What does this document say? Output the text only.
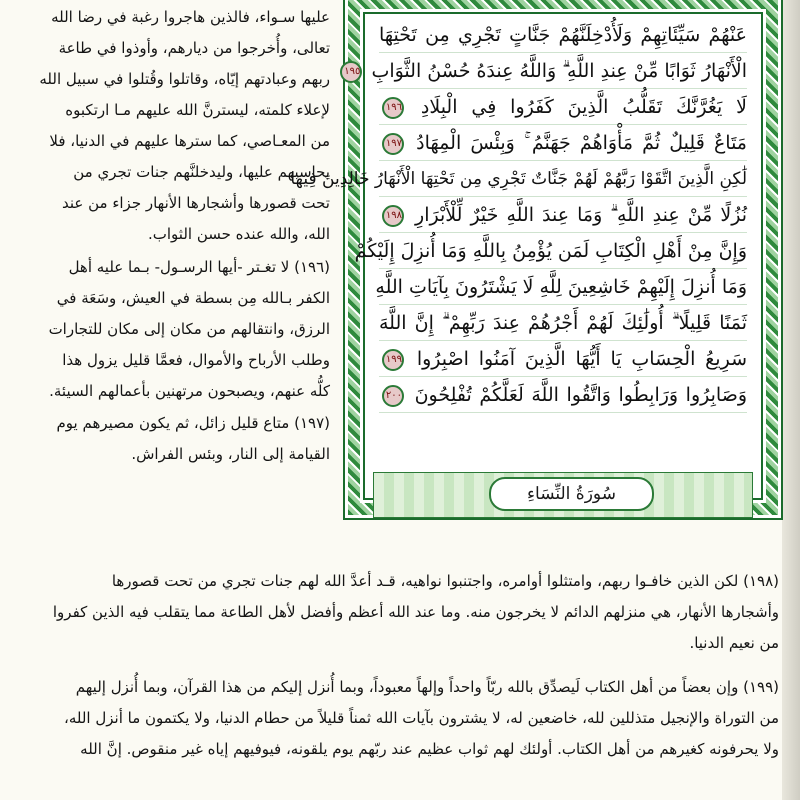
عَنْهُمْ سَيِّئَاتِهِمْ وَلَأُدْخِلَنَّهُمْ جَنَّاتٍ تَجْرِي مِن تَحْتِهَا
الْأَنْهَارُ ثَوَابًا مِّنْ عِندِ اللَّهِ ۗ وَاللَّهُ عِندَهُ حُسْنُ الثَّوَابِ ١٩٥
لَا يَغُرَّنَّكَ تَقَلُّبُ الَّذِينَ كَفَرُوا فِي الْبِلَادِ ١٩٦
مَتَاعٌ قَلِيلٌ ثُمَّ مَأْوَاهُمْ جَهَنَّمُ ۚ وَبِئْسَ الْمِهَادُ ١٩٧
لَٰكِنِ الَّذِينَ اتَّقَوْا رَبَّهُمْ لَهُمْ جَنَّاتٌ تَجْرِي مِن تَحْتِهَا الْأَنْهَارُ خَالِدِينَ فِيهَا
نُزُلًا مِّنْ عِندِ اللَّهِ ۗ وَمَا عِندَ اللَّهِ خَيْرٌ لِّلْأَبْرَارِ ١٩٨
وَإِنَّ مِنْ أَهْلِ الْكِتَابِ لَمَن يُؤْمِنُ بِاللَّهِ وَمَا أُنزِلَ إِلَيْكُمْ
وَمَا أُنزِلَ إِلَيْهِمْ خَاشِعِينَ لِلَّهِ لَا يَشْتَرُونَ بِآيَاتِ اللَّهِ
ثَمَنًا قَلِيلًا ۗ أُولَٰئِكَ لَهُمْ أَجْرُهُمْ عِندَ رَبِّهِمْ ۗ إِنَّ اللَّهَ
سَرِيعُ الْحِسَابِ يَا أَيُّهَا الَّذِينَ آمَنُوا اصْبِرُوا ١٩٩
وَصَابِرُوا وَرَابِطُوا وَاتَّقُوا اللَّهَ لَعَلَّكُمْ تُفْلِحُونَ ٢٠٠
سُورَةُ النِّسَاءِ
عليها سـواء، فالذين هاجروا رغبة في رضا الله
تعالى، وأُخرجوا من ديارهم، وأوذوا في طاعة
ربهم وعبادتهم إيّاه، وقاتلوا وقُتلوا في سبيل الله
لإعلاء كلمته، ليسترنَّ الله عليهم مـا ارتكبوه
من المعـاصي، كما سترها عليهم في الدنيا، فلا
يحاسبهم عليها، وليدخلنَّهم جنات تجري من
تحت قصورها وأشجارها الأنهار جزاء من عند
الله، والله عنده حسن الثواب.
(١٩٦) لا تغـتر -أيها الرسـول- بـما عليه أهل
الكفر بـالله مِن بسطة في العيش، وسَعَة في
الرزق، وانتقالهم من مكان إلى مكان للتجارات
وطلب الأرباح والأموال، فعمَّا قليل يزول هذا
كلُّه عنهم، ويصبحون مرتهنين بأعمالهم السيئة.
(١٩٧) متاع قليل زائل، ثم يكون مصيرهم يوم
القيامة إلى النار، وبئس الفراش.
(١٩٨) لكن الذين خافـوا ربهم، وامتثلوا أوامره، واجتنبوا نواهيه، قـد أعدَّ الله لهم جنات تجري من تحت قصورها
وأشجارها الأنهار، هي منزلهم الدائم لا يخرجون منه. وما عند الله أعظم وأفضل لأهل الطاعة مما يتقلب فيه الذين كفروا
من نعيم الدنيا.
(١٩٩) وإن بعضاً من أهل الكتاب لَيصدِّق بالله ربّاً واحداً وإلهاً معبوداً، وبما أُنزل إليكم من هذا القرآن، وبما أُنزل إليهم
من التوراة والإنجيل متذللين لله، خاضعين له، لا يشترون بآيات الله ثمناً قليلاً من حطام الدنيا، ولا يكتمون ما أنزل الله،
ولا يحرفونه كغيرهم من أهل الكتاب. أولئك لهم ثواب عظيم عند ربّهم يوم يلقونه، فيوفيهم إياه غير منقوص. إنَّ الله
